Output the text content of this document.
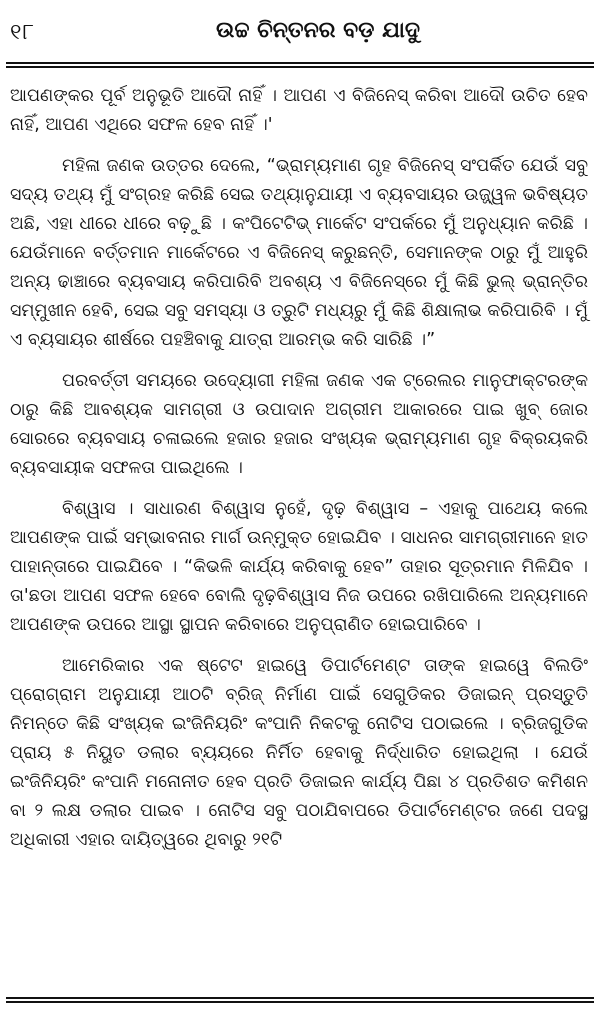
୧୮	ଉଚ୍ଚ ଚିନ୍ତନର ବଡ଼ ଯାଦୁ

ଆପଣଙ୍କର ପୂର୍ବ ଅନୁଭୂତି ଆଦୌ ନାହିଁ । ଆପଣ ଏ ବିଜିନେସ୍ କରିବା ଆଦୌ ଉଚିତ ହେବ ନାହିଁ, ଆପଣ ଏଥିରେ ସଫଳ ହେବ ନାହିଁ ।'

ମହିଳା ଜଣକ ଉତ୍ତର ଦେଲେ, “ଭ୍ରାମ୍ୟମାଣ ଗୃହ ବିଜିନେସ୍ ସଂପର୍କିତ ଯେଉଁ ସବୁ ସଦ୍ୟ ତଥ୍ୟ ମୁଁ ସଂଗ୍ରହ କରିଛି ସେଇ ତଥ୍ୟାନୁଯାୟୀ ଏ ବ୍ୟବସାୟର ଉଜ୍ଜ୍ୱଳ ଭବିଷ୍ୟତ ଅଛି, ଏହା ଧୀରେ ଧୀରେ ବଢ଼ୁଛି । କଂପିଟେଟିଭ୍ ମାର୍କେଟ ସଂପର୍କରେ ମୁଁ ଅନୁଧ୍ୟାନ କରିଛି । ଯେଉଁମାନେ ବର୍ତ୍ତମାନ ମାର୍କେଟରେ ଏ ବିଜିନେସ୍ କରୁଛନ୍ତି, ସେମାନଙ୍କ ଠାରୁ ମୁଁ ଆହୁରି ଅନ୍ୟ ଢାଞ୍ଚାରେ ବ୍ୟବସାୟ କରିପାରିବି ଅବଶ୍ୟ ଏ ବିଜିନେସ୍‌ରେ ମୁଁ କିଛି ଭୁଲ୍ ଭ୍ରାନ୍ତିର ସମ୍ମୁଖୀନ ହେବି, ସେଇ ସବୁ ସମସ୍ୟା ଓ ତ୍ରୁଟି ମଧ୍ୟରୁ ମୁଁ କିଛି ଶିକ୍ଷାଲାଭ କରିପାରିବି । ମୁଁ ଏ ବ୍ୟସାୟର ଶୀର୍ଷରେ ପହଞ୍ଚିବାକୁ ଯାତ୍ରା ଆରମ୍ଭ କରି ସାରିଛି ।”

ପରବର୍ତ୍ତୀ ସମୟରେ ଉଦ୍ୟୋଗୀ ମହିଳା ଜଣକ ଏକ ଟ୍ରେଲର ମାନୁଫାକ୍ଟରଙ୍କ ଠାରୁ କିଛି ଆବଶ୍ୟକ ସାମଗ୍ରୀ ଓ ଉପାଦାନ ଅଗ୍ରୀମ ଆକାରରେ ପାଇ ଖୁବ୍ ଜୋର ସୋରରେ ବ୍ୟବସାୟ ଚଳାଇଲେ ହଜାର ହଜାର ସଂଖ୍ୟକ ଭ୍ରାମ୍ୟମାଣ ଗୃହ ବିକ୍ରୟକରି ବ୍ୟବସାୟୀକ ସଫଳତା ପାଇଥିଲେ ।

ବିଶ୍ୱାସ । ସାଧାରଣ ବିଶ୍ୱାସ ନୁହେଁ, ଦୃଢ଼ ବିଶ୍ୱାସ – ଏହାକୁ ପାଥେୟ କଲେ ଆପଣଙ୍କ ପାଇଁ ସମ୍ଭାବନାର ମାର୍ଗ ଉନ୍ମୁକ୍ତ ହୋଇଯିବ । ସାଧନର ସାମଗ୍ରୀମାନେ ହାତ ପାହାନ୍ତାରେ ପାଇଯିବେ । “କିଭଳି କାର୍ଯ୍ୟ କରିବାକୁ ହେବ” ତାହାର ସୂତ୍ରମାନ ମିଳିଯିବ । ତା'ଛଡା ଆପଣ ସଫଳ ହେବେ ବୋଲି ଦୃଢ଼ବିଶ୍ୱାସ ନିଜ ଉପରେ ରଖିପାରିଲେ ଅନ୍ୟମାନେ ଆପଣଙ୍କ ଉପରେ ଆସ୍ଥା ସ୍ଥାପନ କରିବାରେ ଅନୁପ୍ରାଣିତ ହୋଇପାରିବେ ।

ଆମେରିକାର ଏକ ଷ୍ଟେଟ ହାଇୱେ ଡିପାର୍ଟମେଣ୍ଟ ତାଙ୍କ ହାଇୱେ ବିଲଡିଂ ପ୍ରୋଗ୍ରାମ ଅନୁଯାୟୀ ଆଠଟି ବ୍ରିଜ୍ ନିର୍ମାଣ ପାଇଁ ସେଗୁଡିକର ଡିଜାଇନ୍ ପ୍ରସ୍ତୁତି ନିମନ୍ତେ କିଛି ସଂଖ୍ୟକ ଇଂଜିନିୟରିଂ କଂପାନି ନିକଟକୁ ନୋଟିସ ପଠାଇଲେ । ବ୍ରିଜଗୁଡିକ ପ୍ରାୟ ୫ ନିୟୁତ ଡଲାର ବ୍ୟୟରେ ନିର୍ମିତ ହେବାକୁ ନିର୍ଦ୍ଧାରିତ ହୋଇଥିଲା । ଯେଉଁ ଇଂଜିନିୟରିଂ କଂପାନି ମନୋନୀତ ହେବ ପ୍ରତି ଡିଜାଇନ କାର୍ଯ୍ୟ ପିଛା ୪ ପ୍ରତିଶତ କମିଶନ ବା ୨ ଲକ୍ଷ ଡଲାର ପାଇବ । ନୋଟିସ ସବୁ ପଠାଯିବାପରେ ଡିପାର୍ଟମେଣ୍ଟର ଜଣେ ପଦସ୍ଥ ଅଧିକାରୀ ଏହାର ଦାୟିତ୍ୱରେ ଥିବାରୁ ୨୧ଟି
